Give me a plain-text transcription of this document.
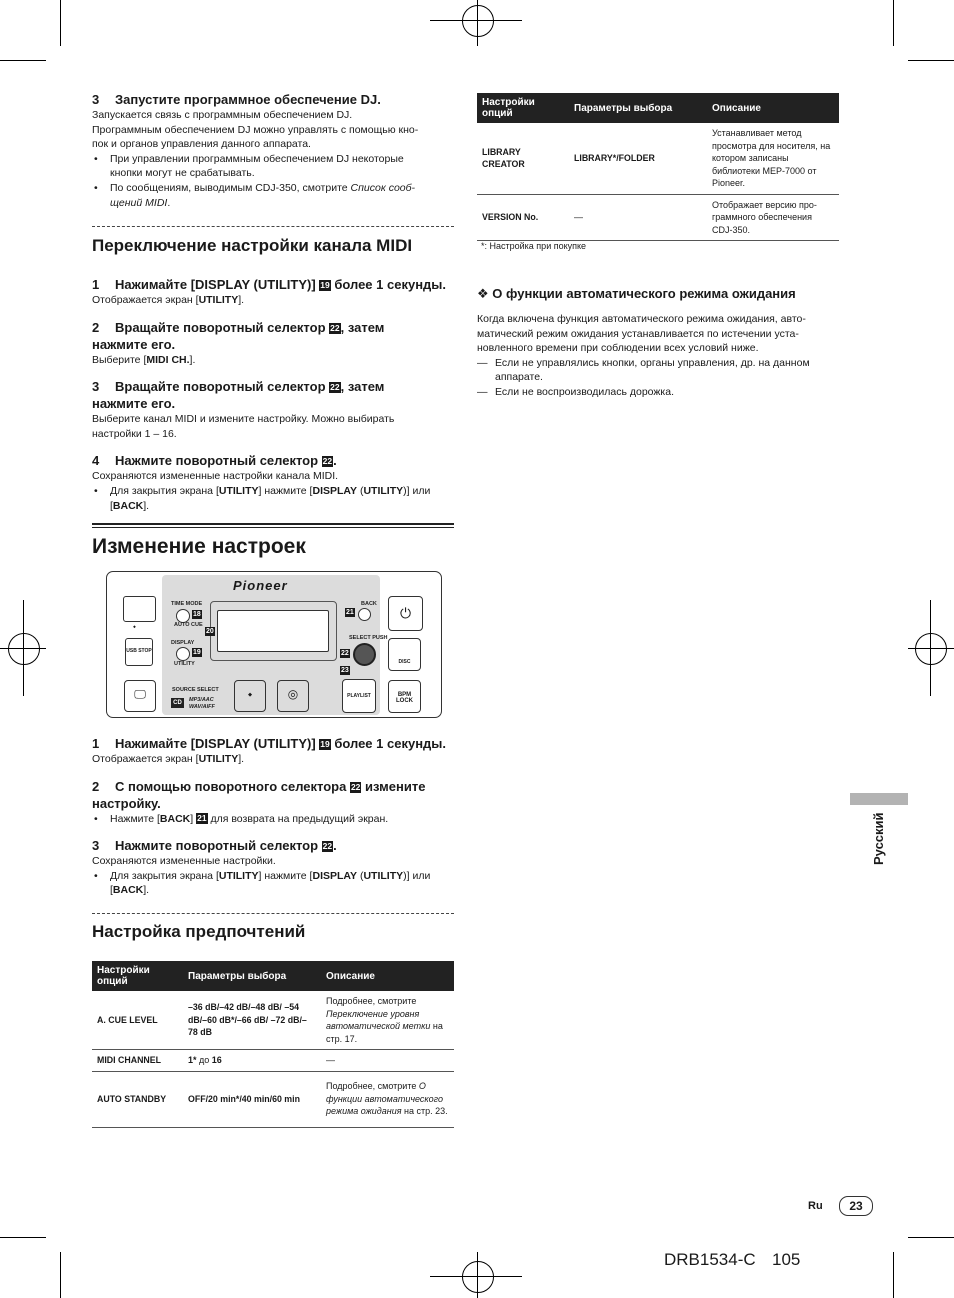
3 Запустите программное обеспечение DJ.
Запускается связь с программным обеспечением DJ.
Программным обеспечением DJ можно управлять с помощью кно-
пок и органов управления данного аппарата.
• При управлении программным обеспечением DJ некоторые
кнопки могут не срабатывать.
• По сообщениям, выводимым CDJ-350, смотрите Список сооб-
щений MIDI.
Переключение настройки канала MIDI
1 Нажимайте [DISPLAY (UTILITY)] 19 более 1 секунды.
Отображается экран [UTILITY].
2 Вращайте поворотный селектор 22, затем
нажмите его.
Выберите [MIDI CH.].
3 Вращайте поворотный селектор 22, затем
нажмите его.
Выберите канал MIDI и измените настройку. Можно выбирать
настройки 1 – 16.
4 Нажмите поворотный селектор 22.
Сохраняются измененные настройки канала MIDI.
• Для закрытия экрана [UTILITY] нажмите [DISPLAY (UTILITY)] или
[BACK].
Изменение настроек
Pioneer
TIME MODE
18
AUTO CUE
20
DISPLAY
19
UTILITY
21
BACK
SELECT PUSH
22
23
⬩
USB STOP
🖵	SOURCE SELECT
CD	MP3/AAC WAV/AIFF
⬩	◎	PLAYLIST
⏻
DISC
BPM LOCK
1 Нажимайте [DISPLAY (UTILITY)] 19 более 1 секунды.
Отображается экран [UTILITY].
2 С помощью поворотного селектора 22 измените
настройку.
• Нажмите [BACK] 21 для возврата на предыдущий экран.
3 Нажмите поворотный селектор 22.
Сохраняются измененные настройки.
• Для закрытия экрана [UTILITY] нажмите [DISPLAY (UTILITY)] или
[BACK].
Настройка предпочтений
Настройки опций	Параметры выбора	Описание
A. CUE LEVEL	–36 dB/–42 dB/–48 dB/ –54 dB/–60 dB*/–66 dB/ –72 dB/–78 dB	Подробнее, смотрите Переключение уровня автоматической метки на стр. 17.
MIDI CHANNEL	1* до 16	—
AUTO STANDBY	OFF/20 min*/40 min/60 min	Подробнее, смотрите О функции автоматического режима ожидания на стр. 23.
Настройки опций	Параметры выбора	Описание
LIBRARY CREATOR	LIBRARY*/FOLDER	Устанавливает метод просмотра для носителя, на котором записаны библиотеки MEP-7000 от Pioneer.
VERSION No.	—	Отображает версию про-граммного обеспечения CDJ-350.
*: Настройка при покупке
❖ О функции автоматического режима ожидания
Когда включена функция автоматического режима ожидания, авто-
матический режим ожидания устанавливается по истечении уста-
новленного времени при соблюдении всех условий ниже.
— Если не управлялись кнопки, органы управления, др. на данном
аппарате.
— Если не воспроизводилась дорожка.
Русский
Ru	23
DRB1534-C 105
